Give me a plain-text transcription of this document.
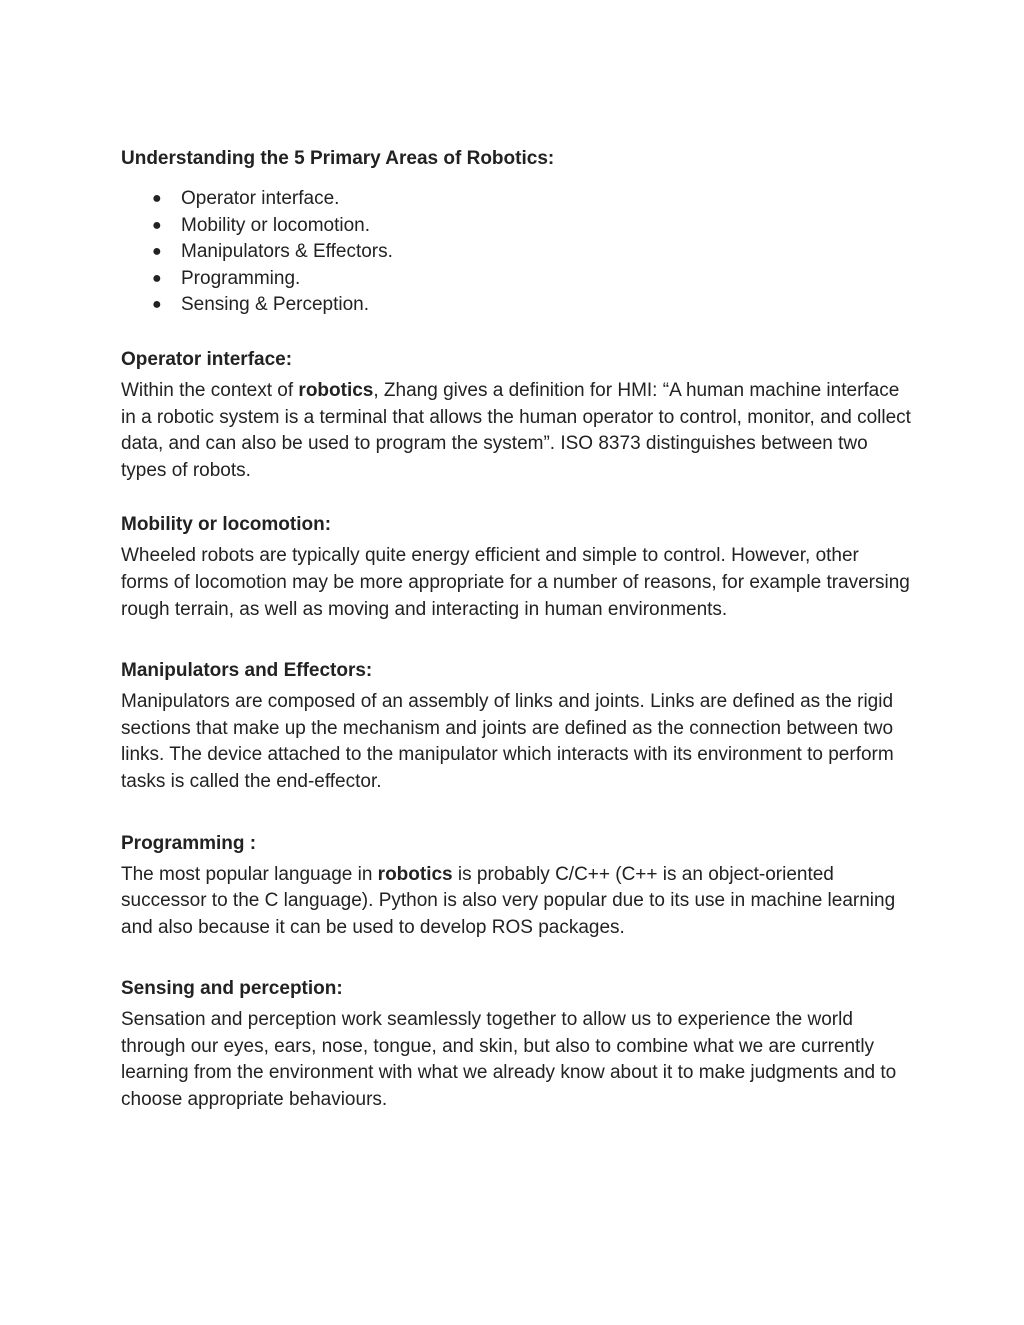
Understanding the 5 Primary Areas of Robotics:
● Operator interface.
● Mobility or locomotion.
● Manipulators & Effectors.
● Programming.
● Sensing & Perception.
Operator interface:

Within the context of robotics, Zhang gives a definition for HMI: “A human machine interface in a robotic system is a terminal that allows the human operator to control, monitor, and collect data, and can also be used to program the system”. ISO 8373 distinguishes between two types of robots.

Mobility or locomotion:

Wheeled robots are typically quite energy efficient and simple to control. However, other forms of locomotion may be more appropriate for a number of reasons, for example traversing rough terrain, as well as moving and interacting in human environments.

Manipulators and Effectors:

Manipulators are composed of an assembly of links and joints. Links are defined as the rigid sections that make up the mechanism and joints are defined as the connection between two links. The device attached to the manipulator which interacts with its environment to perform tasks is called the end-effector.

Programming :

The most popular language in robotics is probably C/C++ (C++ is an object-oriented successor to the C language). Python is also very popular due to its use in machine learning and also because it can be used to develop ROS packages.

Sensing and perception:

Sensation and perception work seamlessly together to allow us to experience the world through our eyes, ears, nose, tongue, and skin, but also to combine what we are currently learning from the environment with what we already know about it to make judgments and to choose appropriate behaviours.
